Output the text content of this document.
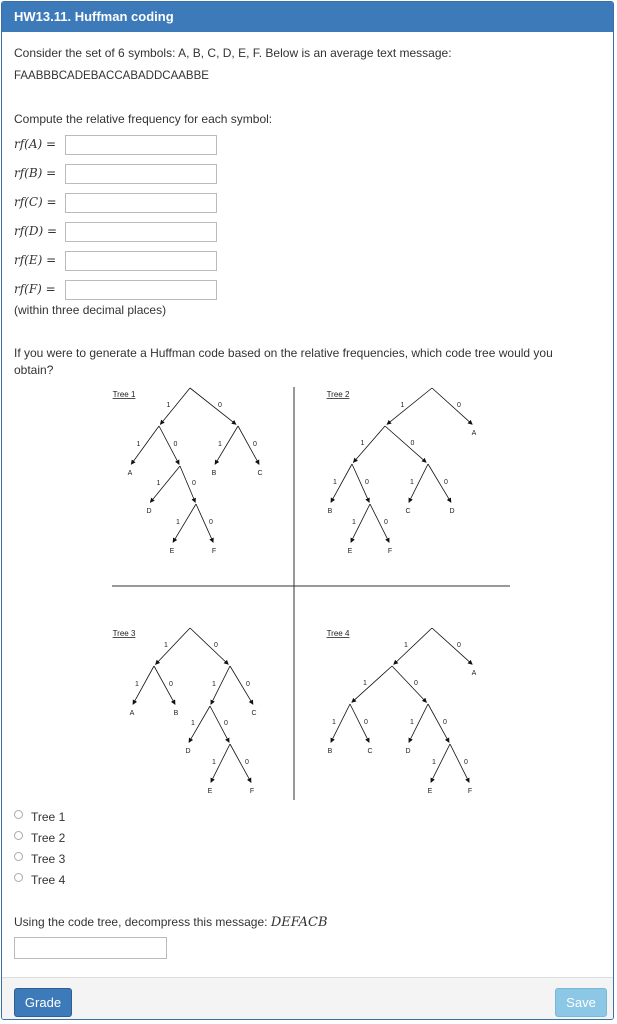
HW13.11. Huffman coding
Consider the set of 6 symbols: A, B, C, D, E, F. Below is an average text message:
FAABBBCADEBACCABADDCAABBE
Compute the relative frequency for each symbol:
rf(A) =
rf(B) =
rf(C) =
rf(D) =
rf(E) =
rf(F) =
(within three decimal places)
If you were to generate a Huffman code based on the relative frequencies, which code tree would you obtain?
Tree 1
1	0
1
A
0	1
B
0
C
1
D
0
1
E
0
F
Tree 2
1	0
A
1	0
1
B
0	1
C
0
D
1
E
0
F
Tree 3
1	0
1
A
0
B
1	0
C
1
D
0
1
E
0
F
Tree 4
1	0
A
1	0
1
B
0
C
1
D
0
1
E
0
F
Tree 1
Tree 2
Tree 3
Tree 4
Using the code tree, decompress this message: DEFACB
Grade	Save
